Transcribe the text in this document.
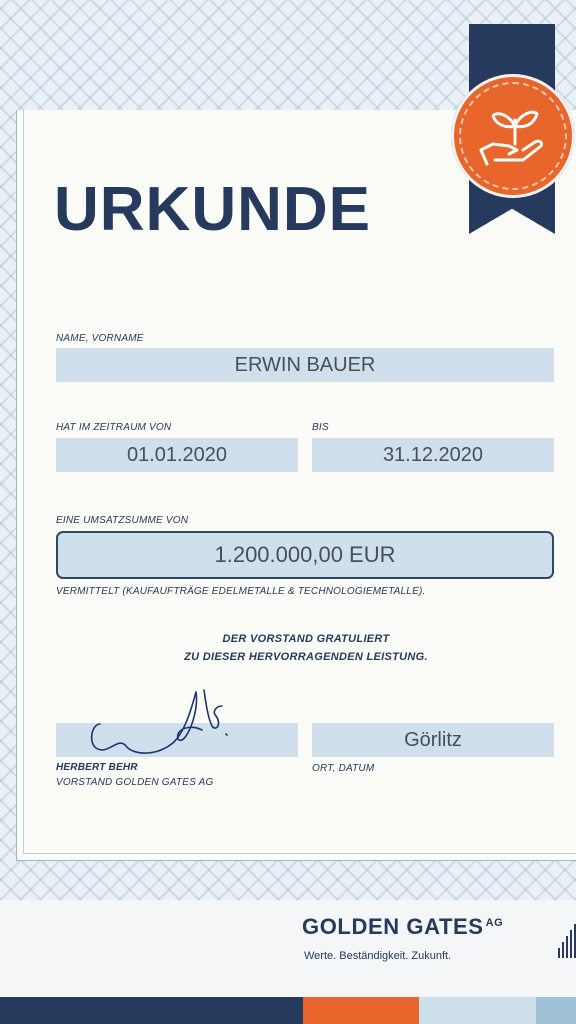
URKUNDE
NAME, VORNAME
ERWIN BAUER
HAT IM ZEITRAUM VON
01.01.2020
BIS
31.12.2020
EINE UMSATZSUMME VON
1.200.000,00 EUR
VERMITTELT (KAUFAUFTRÄGE EDELMETALLE & TECHNOLOGIEMETALLE).
DER VORSTAND GRATULIERT
ZU DIESER HERVORRAGENDEN LEISTUNG.
HERBERT BEHR
VORSTAND GOLDEN GATES AG
Görlitz
ORT, DATUM
GOLDEN GATES $^{AG}$
Werte. Beständigkeit. Zukunft.
